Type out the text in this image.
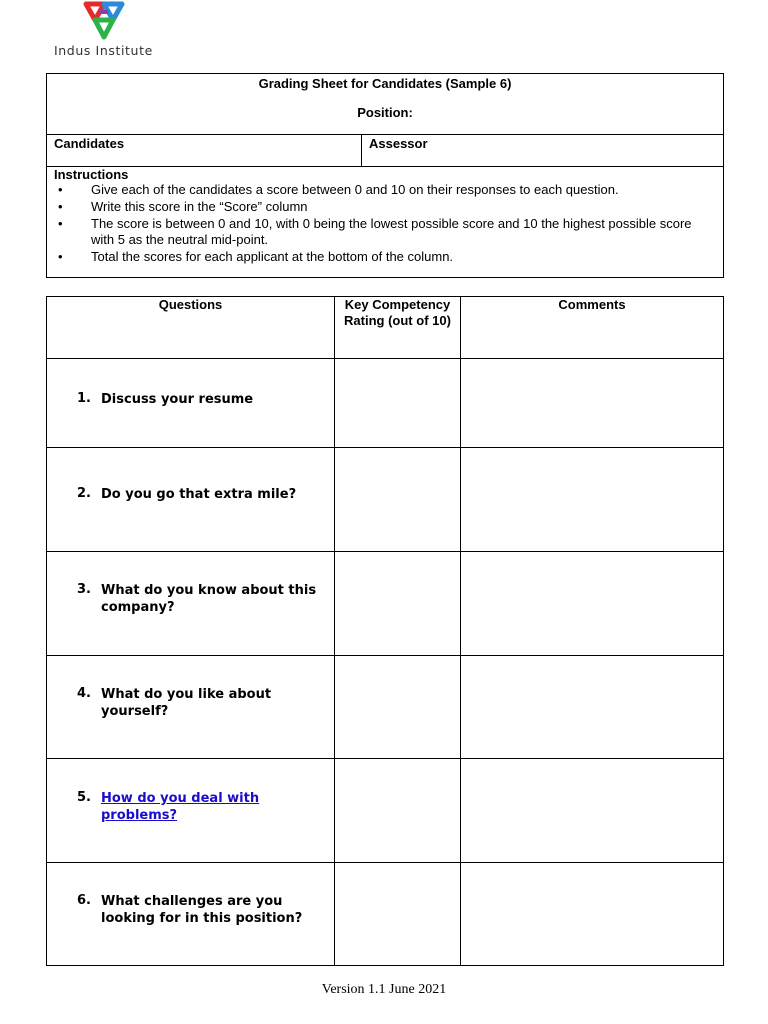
Indus Institute
Grading Sheet for Candidates (Sample 6)
Position:

Candidates	Assessor

Instructions
• Give each of the candidates a score between 0 and 10 on their responses to each question.
• Write this score in the “Score” column
• The score is between 0 and 10, with 0 being the lowest possible score and 10 the highest possible score with 5 as the neutral mid-point.
• Total the scores for each applicant at the bottom of the column.
Questions	Key Competency Rating (out of 10)	Comments

1. Discuss your resume		

2. Do you go that extra mile?		

3. What do you know about this company?		

4. What do you like about yourself?		

5. How do you deal with problems?		

6. What challenges are you looking for in this position?		

Version 1.1 June 2021
